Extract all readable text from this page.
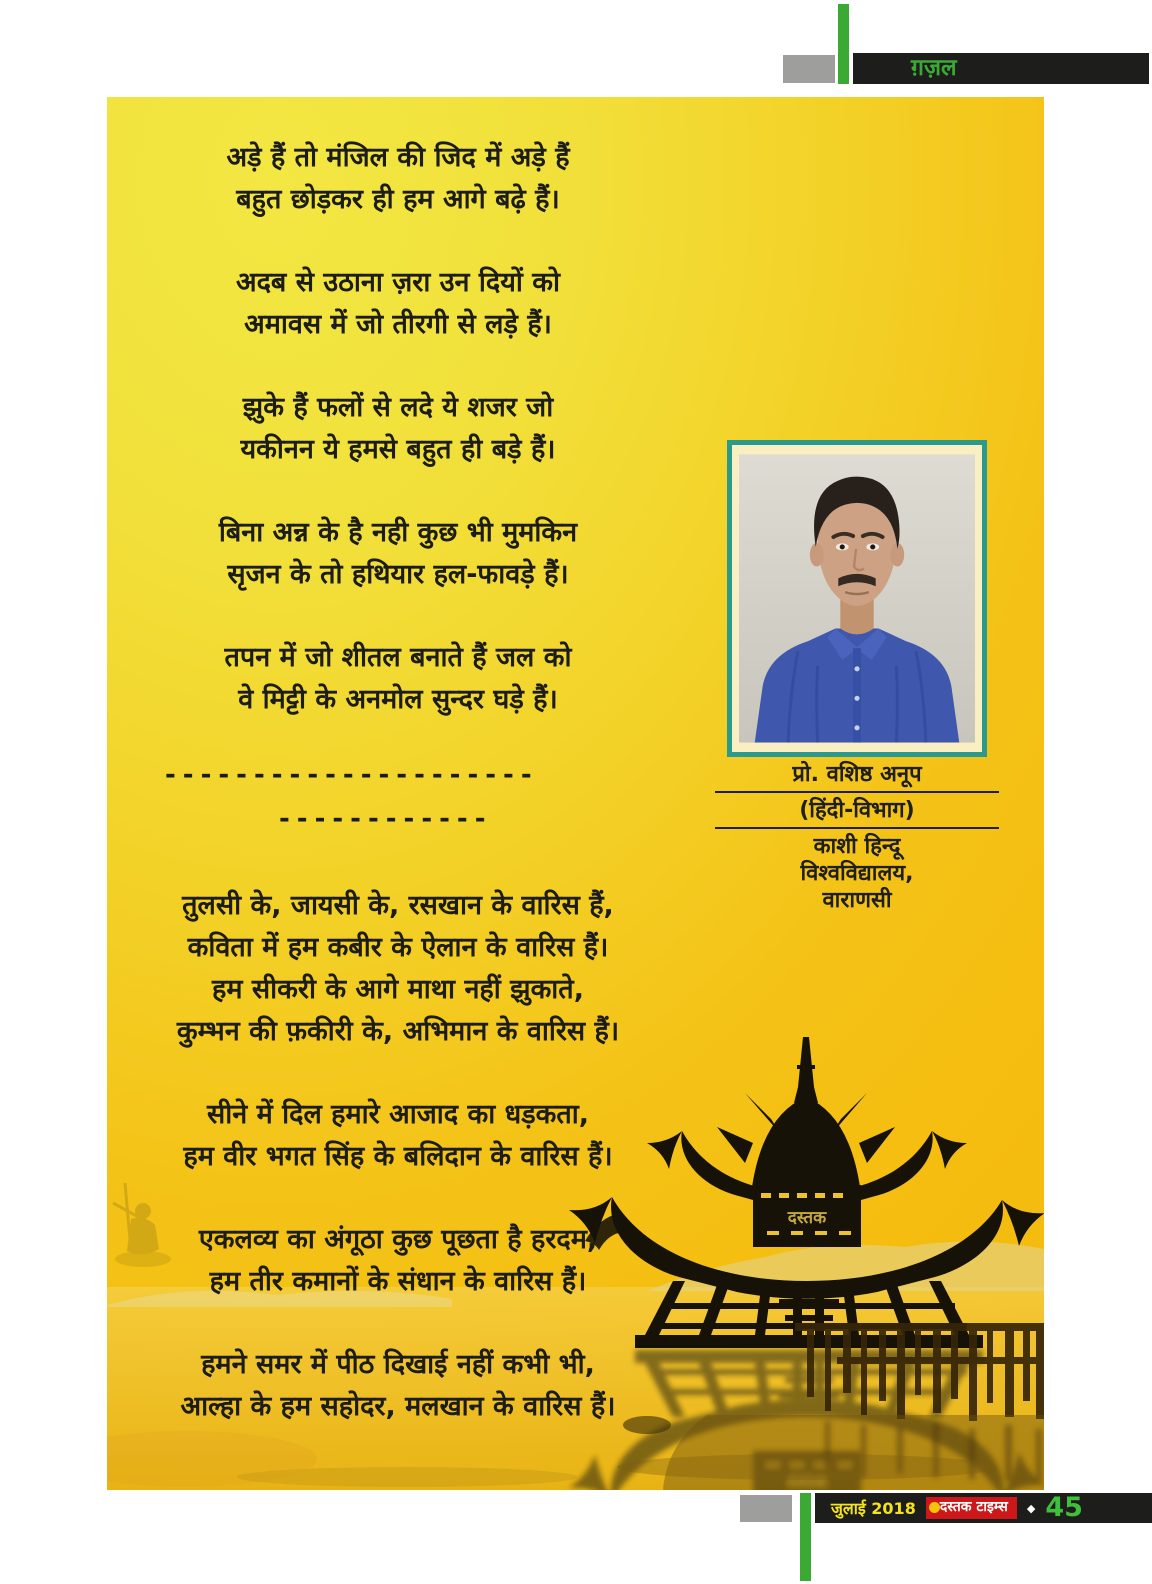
ग़ज़ल
दस्तक
अड़े हैं तो मंजिल की जिद में अड़े हैं
बहुत छोड़कर ही हम आगे बढ़े हैं।
अदब से उठाना ज़रा उन दियों को
अमावस में जो तीरगी से लड़े हैं।
झुके हैं फलों से लदे ये शजर जो
यकीनन ये हमसे बहुत ही बड़े हैं।
बिना अन्न के है नही कुछ भी मुमकिन
सृजन के तो हथियार हल-फावड़े हैं।
तपन में जो शीतल बनाते हैं जल को
वे मिट्टी के अनमोल सुन्दर घड़े हैं।
तुलसी के, जायसी के, रसखान के वारिस हैं,
कविता में हम कबीर के ऐलान के वारिस हैं।
हम सीकरी के आगे माथा नहीं झुकाते,
कुम्भन की फ़कीरी के, अभिमान के वारिस हैं।
सीने में दिल हमारे आजाद का धड़कता,
हम वीर भगत सिंह के बलिदान के वारिस हैं।
एकलव्य का अंगूठा कुछ पूछता है हरदम,
हम तीर कमानों के संधान के वारिस हैं।
हमने समर में पीठ दिखाई नहीं कभी भी,
आल्हा के हम सहोदर, मलखान के वारिस हैं।
---------------------
------------
प्रो. वशिष्ठ अनूप
(हिंदी-विभाग)
काशी हिन्दू
विश्वविद्यालय,
वाराणसी
जुलाई 2018	दस्तक टाइम्स	◆ 45
